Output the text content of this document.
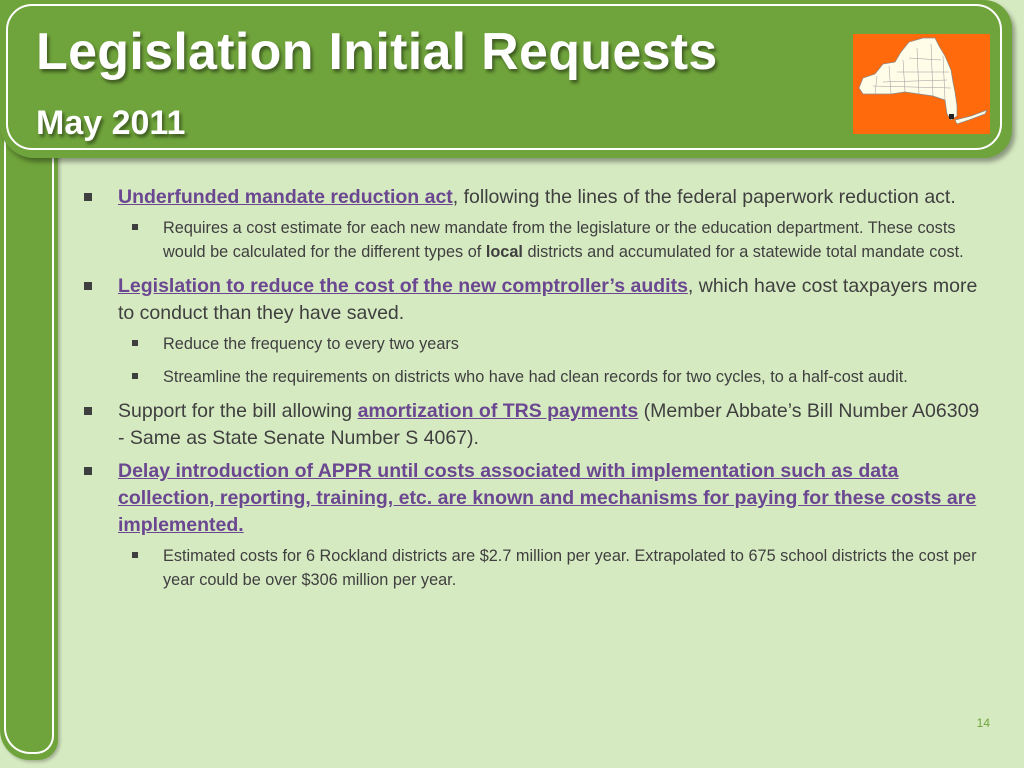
Legislation Initial Requests
May 2011
Underfunded mandate reduction act, following the lines of the federal paperwork reduction act.
Requires a cost estimate for each new mandate from the legislature or the education department. These costs would be calculated for the different types of local districts and accumulated for a statewide total mandate cost.
Legislation to reduce the cost of the new comptroller’s audits, which have cost taxpayers more to conduct than they have saved.
Reduce the frequency to every two years
Streamline the requirements on districts who have had clean records for two cycles, to a half-cost audit.
Support for the bill allowing amortization of TRS payments (Member Abbate’s Bill Number A06309 - Same as State Senate Number S 4067).
Delay introduction of APPR until costs associated with implementation such as data collection, reporting, training, etc. are known and mechanisms for paying for these costs are implemented.
Estimated costs for 6 Rockland districts are $2.7 million per year. Extrapolated to 675 school districts the cost per year could be over $306 million per year.
14
